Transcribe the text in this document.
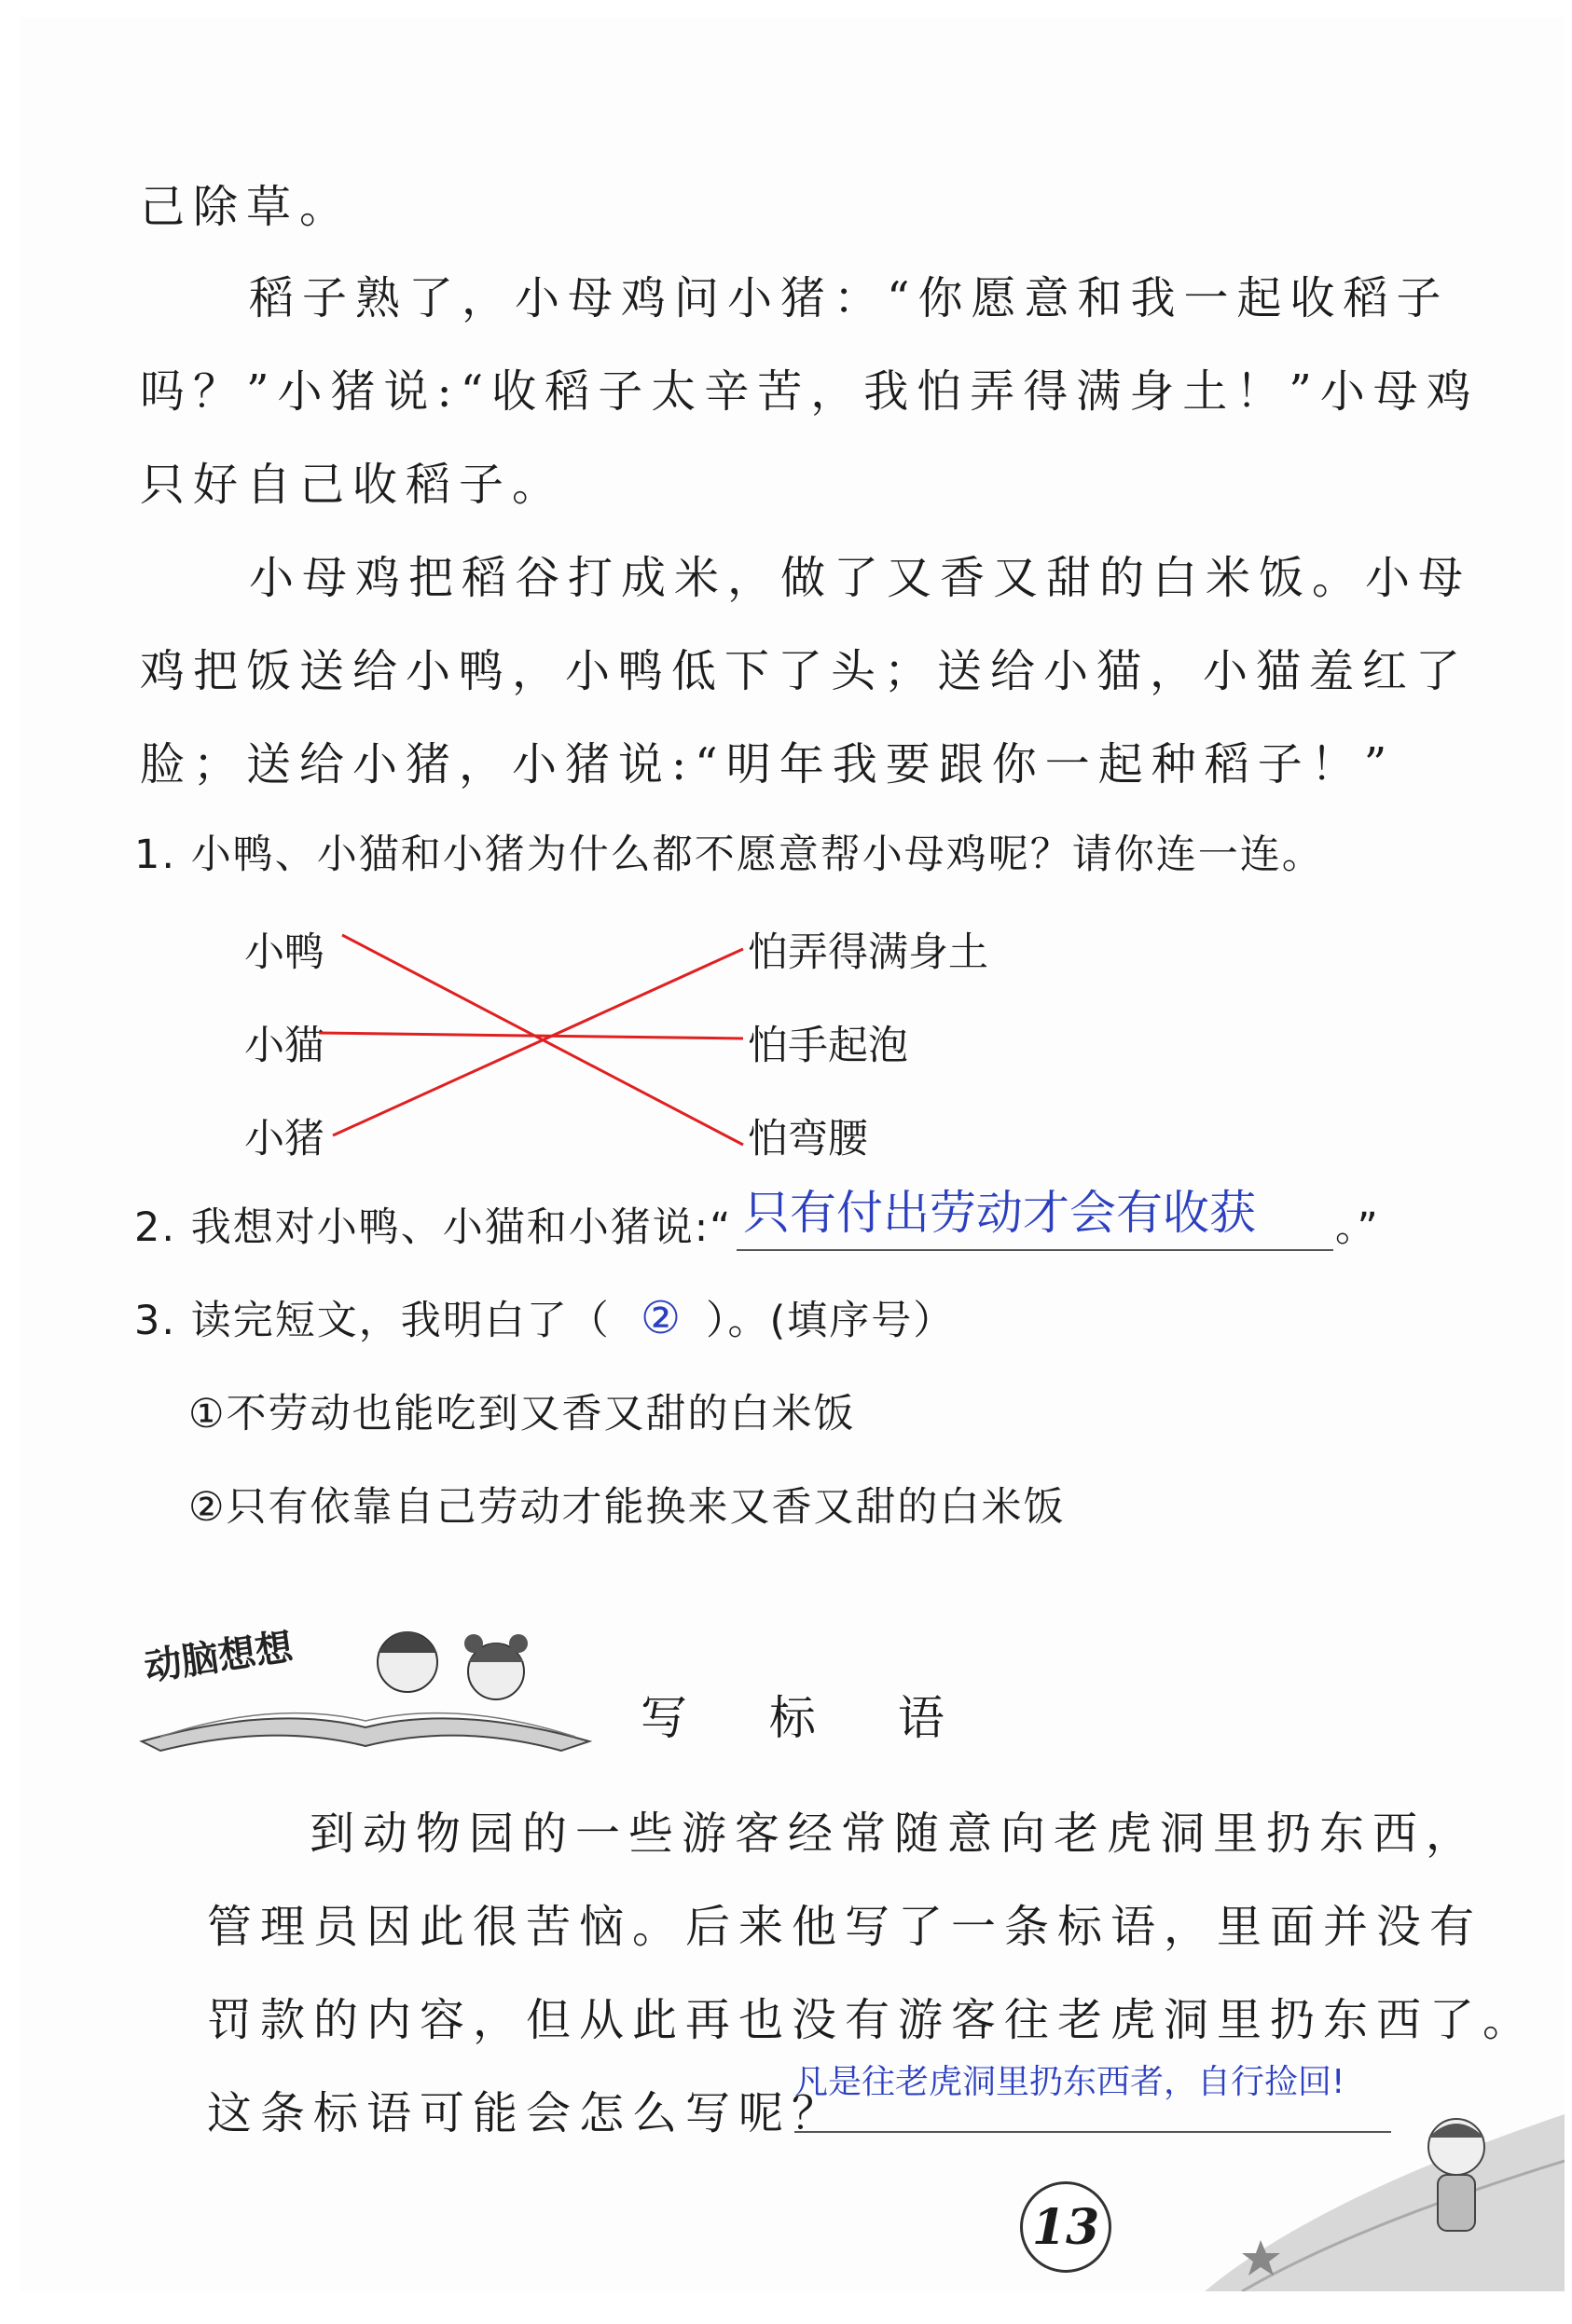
己除草。
稻子熟了，小母鸡问小猪：“你愿意和我一起收稻子
吗？”小猪说:“收稻子太辛苦，我怕弄得满身土！”小母鸡
只好自己收稻子。
小母鸡把稻谷打成米，做了又香又甜的白米饭。小母
鸡把饭送给小鸭，小鸭低下了头；送给小猫，小猫羞红了
脸；送给小猪，小猪说:“明年我要跟你一起种稻子！”
1. 小鸭、小猫和小猪为什么都不愿意帮小母鸡呢？请你连一连。
小鸭
小猫
小猪
怕弄得满身土
怕手起泡
怕弯腰
2. 我想对小鸭、小猫和小猪说:“ 只有付出劳动才会有收获 。”
3. 读完短文，我明白了（ ② ）。(填序号）
①不劳动也能吃到又香又甜的白米饭
②只有依靠自己劳动才能换来又香又甜的白米饭
动脑想想
写 标 语
到动物园的一些游客经常随意向老虎洞里扔东西，
管理员因此很苦恼。后来他写了一条标语，里面并没有
罚款的内容，但从此再也没有游客往老虎洞里扔东西了。
这条标语可能会怎么写呢？
凡是往老虎洞里扔东西者，自行捡回!
13
